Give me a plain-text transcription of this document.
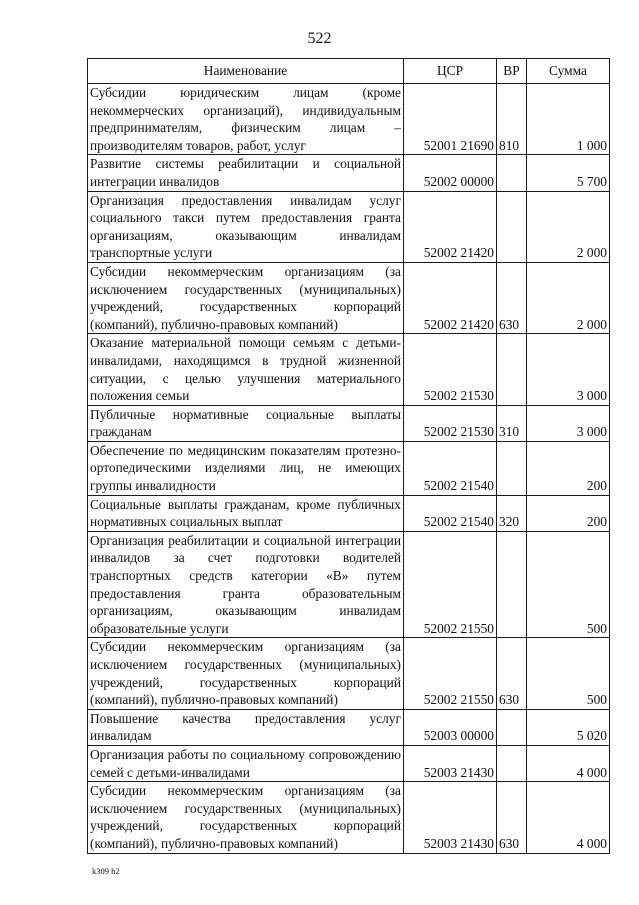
522
Наименование	ЦСР	ВР	Сумма
Субсидии юридическим лицам (кроме некоммерческих организаций), индивидуальным предпринимателям, физическим лицам – производителям товаров, работ, услуг	52001 21690	810	1 000
Развитие системы реабилитации и социальной интеграции инвалидов	52002 00000		5 700
Организация предоставления инвалидам услуг социального такси путем предоставления гранта организациям, оказывающим инвалидам транспортные услуги	52002 21420		2 000
Субсидии некоммерческим организациям (за исключением государственных (муниципальных) учреждений, государственных корпораций (компаний), публично-правовых компаний)	52002 21420	630	2 000
Оказание материальной помощи семьям с детьми-инвалидами, находящимся в трудной жизненной ситуации, с целью улучшения материального положения семьи	52002 21530		3 000
Публичные нормативные социальные выплаты гражданам	52002 21530	310	3 000
Обеспечение по медицинским показателям протезно-ортопедическими изделиями лиц, не имеющих группы инвалидности	52002 21540		200
Социальные выплаты гражданам, кроме публичных нормативных социальных выплат	52002 21540	320	200
Организация реабилитации и социальной интеграции инвалидов за счет подготовки водителей транспортных средств категории «В» путем предоставления гранта образовательным организациям, оказывающим инвалидам образовательные услуги	52002 21550		500
Субсидии некоммерческим организациям (за исключением государственных (муниципальных) учреждений, государственных корпораций (компаний), публично-правовых компаний)	52002 21550	630	500
Повышение качества предоставления услуг инвалидам	52003 00000		5 020
Организация работы по социальному сопровождению семей с детьми-инвалидами	52003 21430		4 000
Субсидии некоммерческим организациям (за исключением государственных (муниципальных) учреждений, государственных корпораций (компаний), публично-правовых компаний)	52003 21430	630	4 000
k309 h2
